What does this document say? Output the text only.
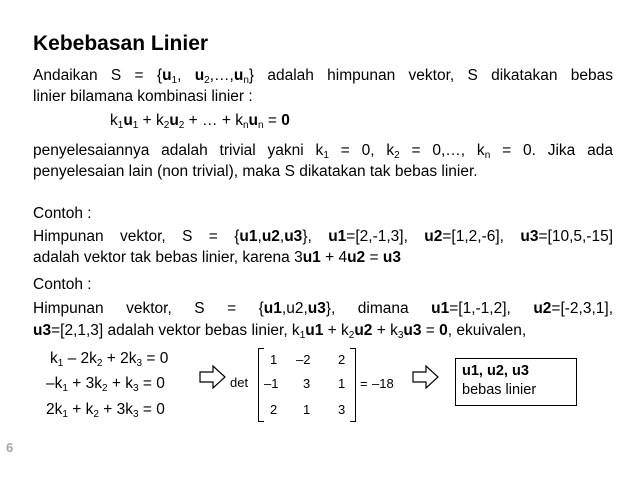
Kebebasan Linier
Andaikan $S = \{u_1$, $u_2,\dots,u_n$} adalah himpunan vektor, S dikatakan bebas
linier bilamana kombinasi linier :
$k_1u_1 + k_2u_2$ + … + $k_nu_n = 0$
penyelesaiannya adalah trivial yakni $k_1 = 0$, $k_2$ = 0,…, $k_n = 0$. Jika ada
penyelesaian lain (non trivial), maka S dikatakan tak bebas linier.
Contoh :
Himpunan vektor, S = {u1,u2,u3}, u1=[2,-1,3], u2=[1,2,-6], u3=[10,5,-15]
adalah vektor tak bebas linier, karena 3u1 + 4u2 = u3
Contoh :
Himpunan vektor, S = {u1,u2,u3}, dimana u1=[1,-1,2], u2=[-2,3,1],
u3=[2,1,3] adalah vektor bebas linier, $k_1u1 + k_2u2 + k_3u3 = 0$, ekuivalen,
$k_1 - 2k_2 + 2k_3 = 0$
$-k_1 + 3k_2 + k_3 = 0$
$2k_1 + k_2 + 3k_3 = 0$
det
1 –2 2
–1 3 1
2 1 3
= –18
u1, u2, u3
bebas linier
6
